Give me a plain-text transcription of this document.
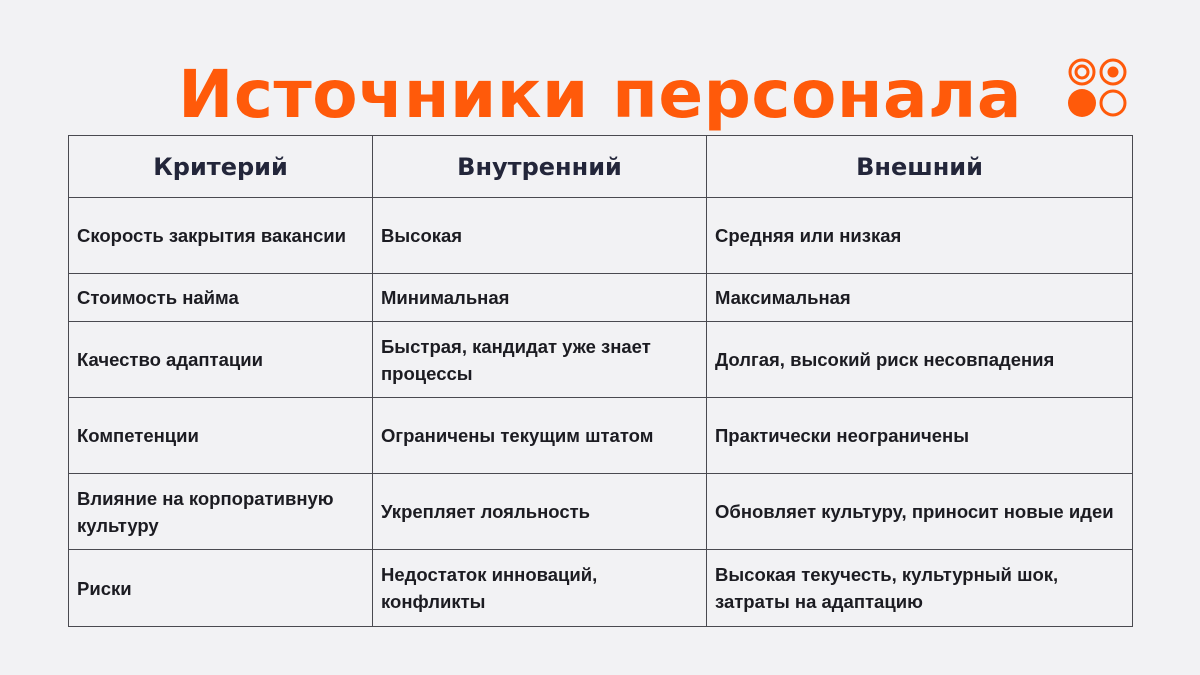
Источники персонала
Критерий	Внутренний	Внешний
Скорость закрытия вакансии	Высокая	Средняя или низкая
Стоимость найма	Минимальная	Максимальная
Качество адаптации	Быстрая, кандидат уже знает процессы	Долгая, высокий риск несовпадения
Компетенции	Ограничены текущим штатом	Практически неограничены
Влияние на корпоративную культуру	Укрепляет лояльность	Обновляет культуру, приносит новые идеи
Риски	Недостаток инноваций, конфликты	Высокая текучесть, культурный шок, затраты на адаптацию
